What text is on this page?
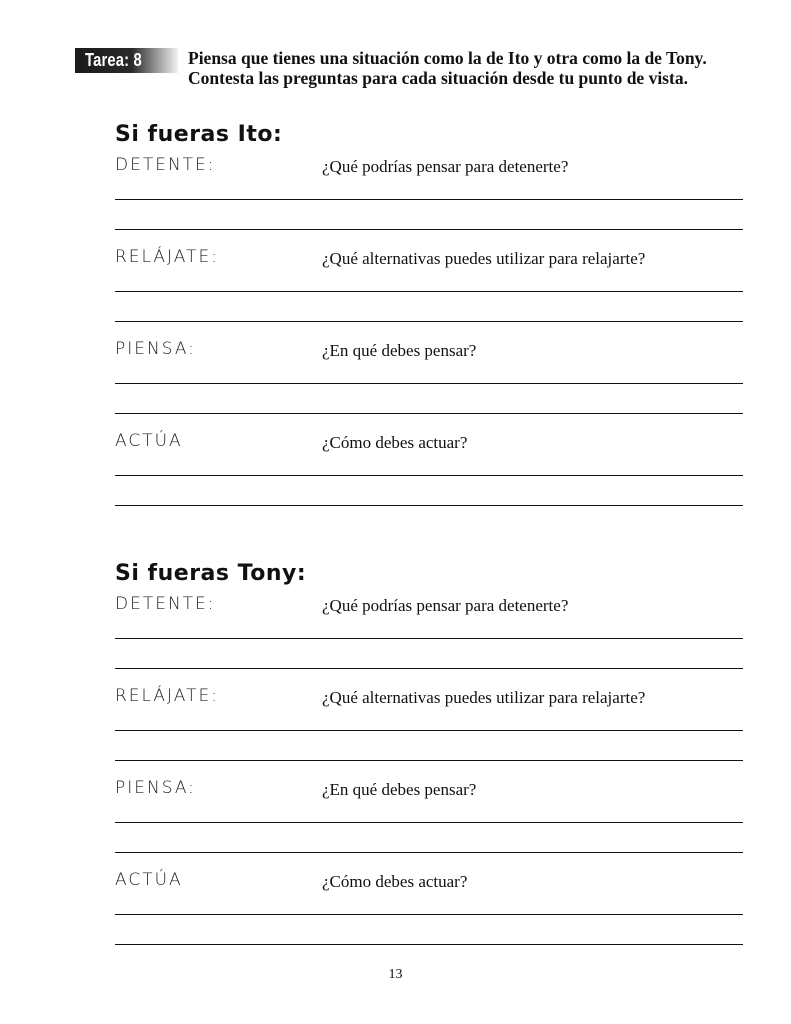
Tarea: 8	Piensa que tienes una situación como la de Ito y otra como la de Tony. Contesta las preguntas para cada situación desde tu punto de vista.
Si fueras Ito:
DETENTE:	¿Qué podrías pensar para detenerte?
RELÁJATE:	¿Qué alternativas puedes utilizar para relajarte?
PIENSA:	¿En qué debes pensar?
ACTÚA	¿Cómo debes actuar?
Si fueras Tony:
DETENTE:	¿Qué podrías pensar para detenerte?
RELÁJATE:	¿Qué alternativas puedes utilizar para relajarte?
PIENSA:	¿En qué debes pensar?
ACTÚA	¿Cómo debes actuar?
13
